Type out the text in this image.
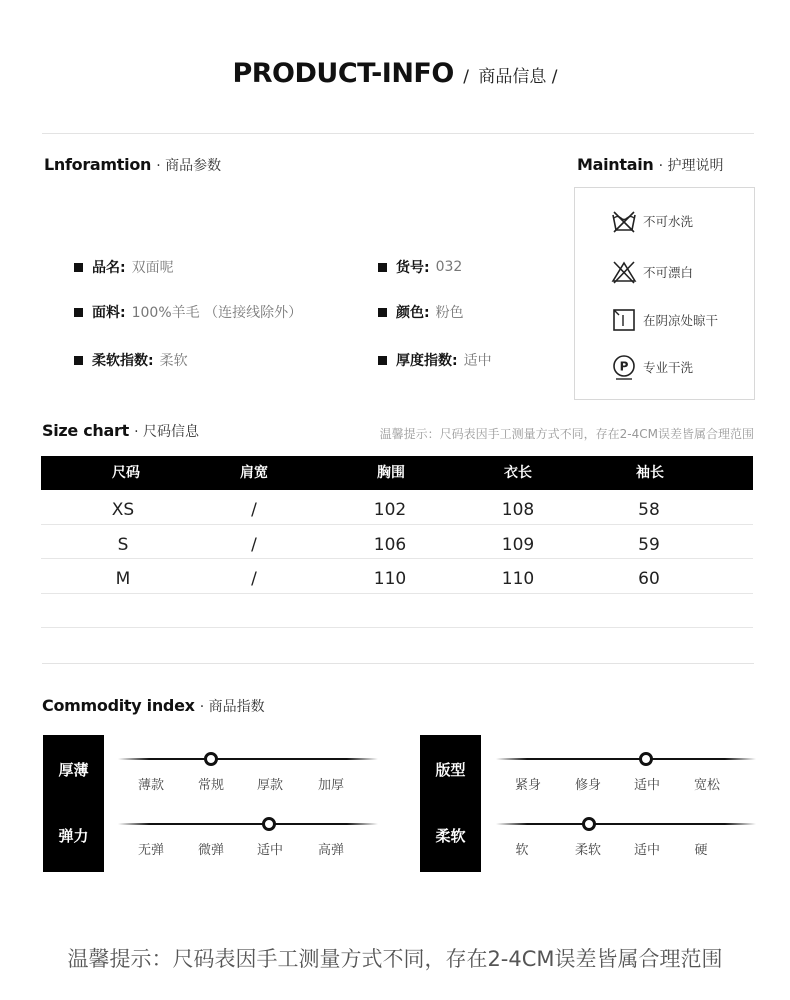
PRODUCT-INFO / 商品信息 /
Lnforamtion · 商品参数
品名: 双面呢	货号: 032
面料: 100%羊毛 （连接线除外）	颜色: 粉色
柔软指数: 柔软	厚度指数: 适中
Maintain · 护理说明
不可水洗
不可漂白
在阴凉处晾干
P 专业干洗
Size chart · 尺码信息	温馨提示：尺码表因手工测量方式不同，存在2-4CM误差皆属合理范围
尺码	肩宽	胸围	衣长	袖长
XS	/	102	108	58
S	/	106	109	59
M	/	110	110	60
Commodity index · 商品指数
厚薄
弹力
版型
柔软
薄款	常规	厚款	加厚
无弹	微弹	适中	高弹
紧身	修身	适中	宽松
软	柔软	适中	硬
温馨提示：尺码表因手工测量方式不同，存在2-4CM误差皆属合理范围
